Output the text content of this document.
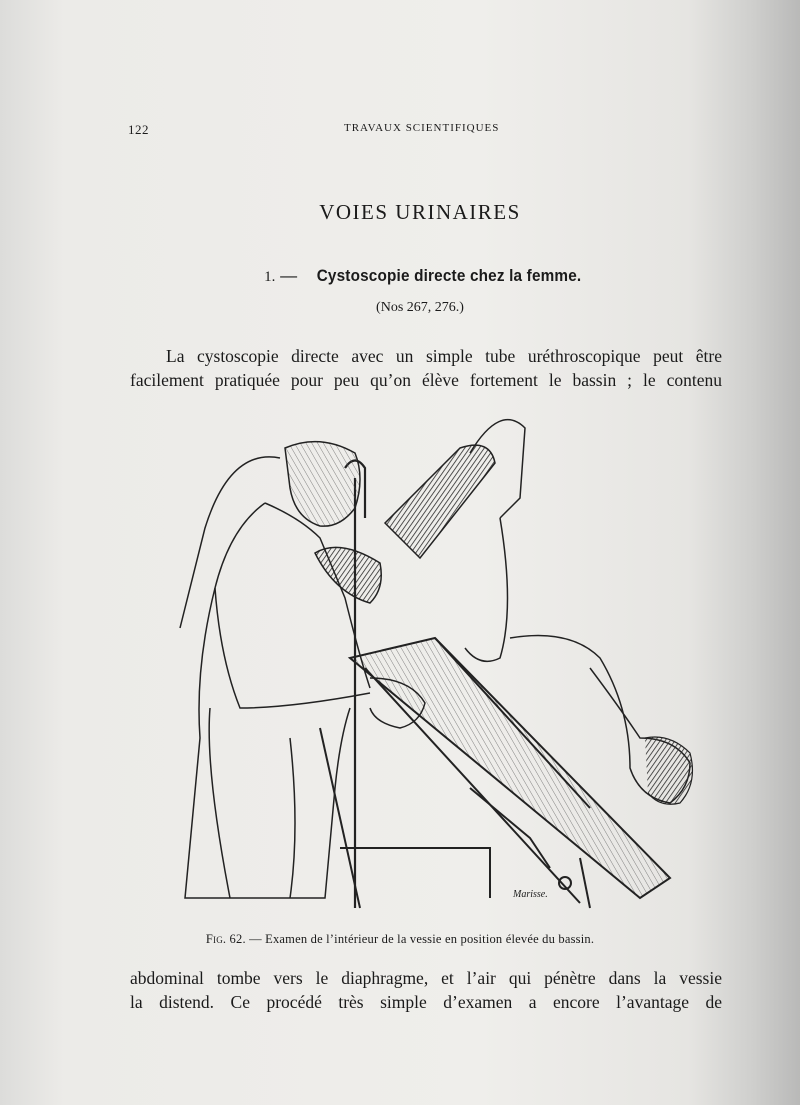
122	TRAVAUX SCIENTIFIQUES
VOIES URINAIRES
1. — Cystoscopie directe chez la femme.
(Nos 267, 276.)
La cystoscopie directe avec un simple tube uréthroscopique peut être
facilement pratiquée pour peu qu’on élève fortement le bassin ; le contenu
Marisse.
Fig. 62. — Examen de l’intérieur de la vessie en position élevée du bassin.
abdominal tombe vers le diaphragme, et l’air qui pénètre dans la vessie
la distend. Ce procédé très simple d’examen a encore l’avantage de
